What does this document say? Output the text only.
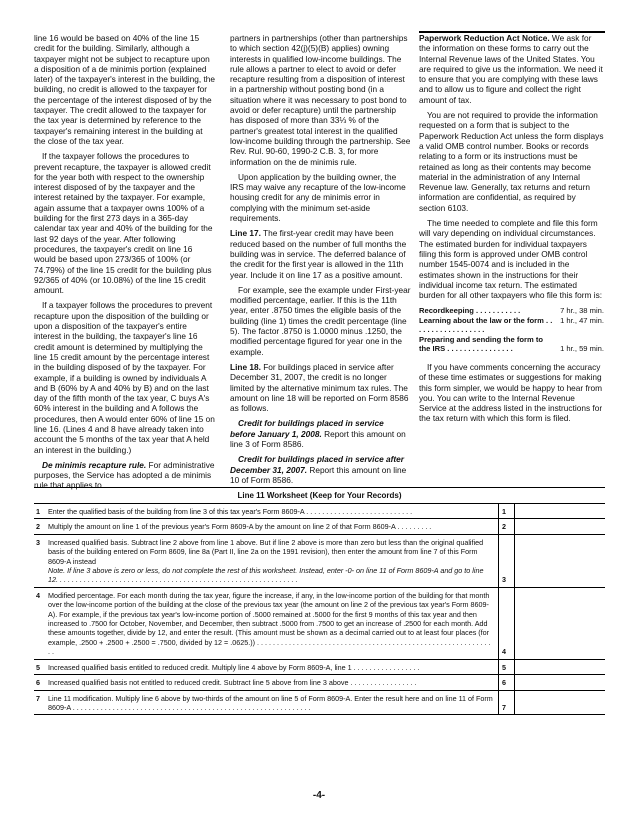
line 16 would be based on 40% of the line 15 credit for the building. Similarly, although a taxpayer might not be subject to recapture upon a disposition of a de minimis portion (explained later) of the taxpayer's interest in the building, the building, no credit is allowed to the taxpayer for the percentage of the interest disposed of by the taxpayer. The credit allowed to the taxpayer for the tax year is determined by reference to the taxpayer's remaining interest in the building at the close of the tax year.

If the taxpayer follows the procedures to prevent recapture, the taxpayer is allowed credit for the year both with respect to the ownership interest disposed of by the taxpayer and the interest retained by the taxpayer. For example, again assume that a taxpayer owns 100% of a building for the first 273 days in a 365-day calendar tax year and 40% of the building for the last 92 days of the year. After following procedures, the taxpayer's credit on line 16 would be based upon 273/365 of 100% (or 74.79%) of the line 15 credit for the building plus 92/365 of 40% (or 10.08%) of the line 15 credit amount.

If a taxpayer follows the procedures to prevent recapture upon the disposition of the building or upon a disposition of the taxpayer's entire interest in the building, the taxpayer's line 16 credit amount is determined by multiplying the line 15 credit amount by the percentage interest in the building disposed of by the taxpayer. For example, if a building is owned by individuals A and B (60% by A and 40% by B) and on the last day of the fifth month of the tax year, C buys A's 60% interest in the building and A follows the procedures, then A would enter 60% of line 15 on line 16. (Lines 4 and 8 have already taken into account the 5 months of the tax year that A held an interest in the building.)

De minimis recapture rule. For administrative purposes, the Service has adopted a de minimis rule that applies to

partners in partnerships (other than partnerships to which section 42(j)(5)(B) applies) owning interests in qualified low-income buildings. The rule allows a partner to elect to avoid or defer recapture resulting from a disposition of interest in a partnership without posting bond (in a situation where it was necessary to post bond to avoid or defer recapture) until the partnership has disposed of more than 33⅓ % of the partner's greatest total interest in the qualified low-income building through the partnership. See Rev. Rul. 90-60, 1990-2 C.B. 3, for more information on the de minimis rule.

Upon application by the building owner, the IRS may waive any recapture of the low-income housing credit for any de minimis error in complying with the minimum set-aside requirements.

Line 17. The first-year credit may have been reduced based on the number of full months the building was in service. The deferred balance of the credit for the first year is allowed in the 11th year. Include it on line 17 as a positive amount.

For example, see the example under First-year modified percentage, earlier. If this is the 11th year, enter .8750 times the eligible basis of the building (line 1) times the credit percentage (line 5). The factor .8750 is 1.0000 minus .1250, the modified percentage figured for year one in the example.

Line 18. For buildings placed in service after December 31, 2007, the credit is no longer limited by the alternative minimum tax rules. The amount on line 18 will be reported on Form 8586 as follows.

Credit for buildings placed in service before January 1, 2008. Report this amount on line 3 of Form 8586.

Credit for buildings placed in service after December 31, 2007. Report this amount on line 10 of Form 8586.

Paperwork Reduction Act Notice. We ask for the information on these forms to carry out the Internal Revenue laws of the United States. You are required to give us the information. We need it to ensure that you are complying with these laws and to allow us to figure and collect the right amount of tax.

You are not required to provide the information requested on a form that is subject to the Paperwork Reduction Act unless the form displays a valid OMB control number. Books or records relating to a form or its instructions must be retained as long as their contents may become material in the administration of any Internal Revenue law. Generally, tax returns and return information are confidential, as required by section 6103.

The time needed to complete and file this form will vary depending on individual circumstances. The estimated burden for individual taxpayers filing this form is approved under OMB control number 1545-0074 and is included in the estimates shown in the instructions for their individual income tax return. The estimated burden for all other taxpayers who file this form is:

Recordkeeping . . . . . . . . . . .	7 hr., 38 min.
Learning about the law or the form . . . . . . . . . . . . . . . . . .
1 hr., 47 min.
Preparing and sending the form to the IRS . . . . . . . . . . . . . . . .	1 hr., 59 min.

If you have comments concerning the accuracy of these time estimates or suggestions for making this form simpler, we would be happy to hear from you. You can write to the Internal Revenue Service at the address listed in the instructions for the tax return with which this form is filed.

Line 11 Worksheet (Keep for Your Records)
1	Enter the qualified basis of the building from line 3 of this tax year's Form 8609-A . . . . . . . . . . . . . . . . . . . . . . . . . . .	1
2	Multiply the amount on line 1 of the previous year's Form 8609-A by the amount on line 2 of that Form 8609-A . . . . . . . . .	2
3	Increased qualified basis. Subtract line 2 above from line 1 above. But if line 2 above is more than zero but less than the original qualified basis of the building entered on Form 8609, line 8a (Part II, line 2a on the 1991 revision), then enter the amount from line 7 of this Form 8609-A instead
Note. If line 3 above is zero or less, do not complete the rest of this worksheet. Instead, enter -0- on line 11 of Form 8609-A and go to line 12. . . . . . . . . . . . . . . . . . . . . . . . . . . . . . . . . . . . . . . . . . . . . . . . . . . . . . . . . . . . .	3
4	Modified percentage. For each month during the tax year, figure the increase, if any, in the low-income portion of the building for that month over the low-income portion of the building at the close of the previous tax year (the amount on line 2 of the previous tax year's Form 8609-A). For example, if the previous tax year's low-income portion of .5000 remained at .5000 for the first 9 months of this tax year and then increased to .7500 for October, November, and December, then subtract .5000 from .7500 to get an increase of .2500 for each month. Add these amounts together, divide by 12, and enter the result. (This amount must be shown as a decimal carried out to at least four places (for example, .2500 + .2500 + .2500 = .7500, divided by 12 = .0625.)) . . . . . . . . . . . . . . . . . . . . . . . . . . . . . . . . . . . . . . . . . . . . . . . . . . . . . . . . . . . . .	4
5	Increased qualified basis entitled to reduced credit. Multiply line 4 above by Form 8609-A, line 1 . . . . . . . . . . . . . . . . .	5
6	Increased qualified basis not entitled to reduced credit. Subtract line 5 above from line 3 above . . . . . . . . . . . . . . . . .	6
7	Line 11 modification. Multiply line 6 above by two-thirds of the amount on line 5 of Form 8609-A. Enter the result here and on line 11 of Form 8609-A . . . . . . . . . . . . . . . . . . . . . . . . . . . . . . . . . . . . . . . . . . . . . . . . . . . . . . . . . . . .	7
-4-
